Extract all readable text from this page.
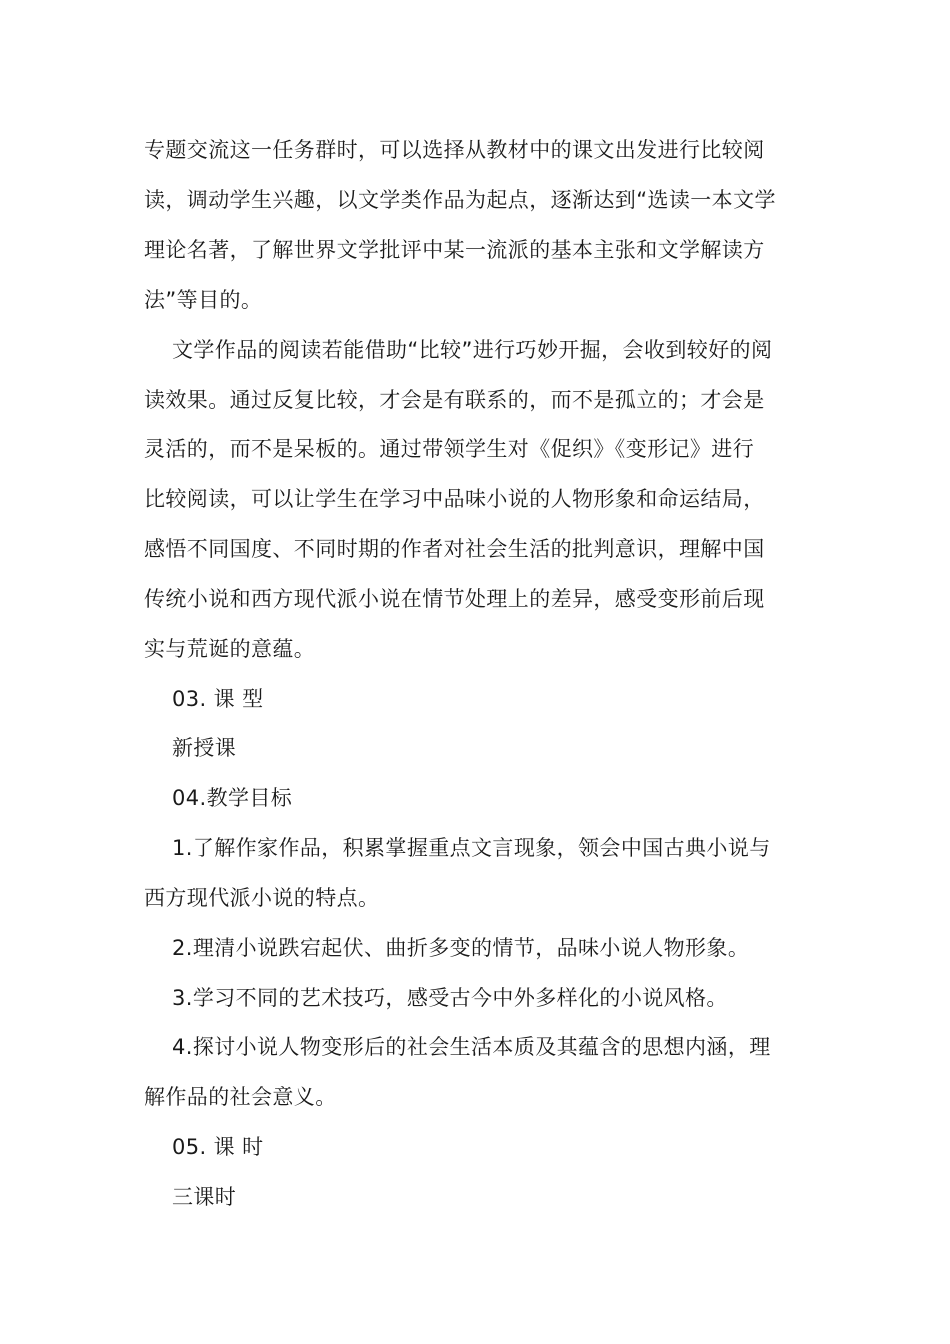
专题交流这一任务群时，可以选择从教材中的课文出发进行比较阅
读，调动学生兴趣，以文学类作品为起点，逐渐达到“选读一本文学
理论名著，了解世界文学批评中某一流派的基本主张和文学解读方
法”等目的。
文学作品的阅读若能借助“比较”进行巧妙开掘，会收到较好的阅
读效果。通过反复比较，才会是有联系的，而不是孤立的；才会是
灵活的，而不是呆板的。通过带领学生对《促织》《变形记》进行
比较阅读，可以让学生在学习中品味小说的人物形象和命运结局，
感悟不同国度、不同时期的作者对社会生活的批判意识，理解中国
传统小说和西方现代派小说在情节处理上的差异，感受变形前后现
实与荒诞的意蕴。
03. 课 型
新授课
04.教学目标
1.了解作家作品，积累掌握重点文言现象，领会中国古典小说与
西方现代派小说的特点。
2.理清小说跌宕起伏、曲折多变的情节，品味小说人物形象。
3.学习不同的艺术技巧，感受古今中外多样化的小说风格。
4.探讨小说人物变形后的社会生活本质及其蕴含的思想内涵，理
解作品的社会意义。
05. 课 时
三课时
